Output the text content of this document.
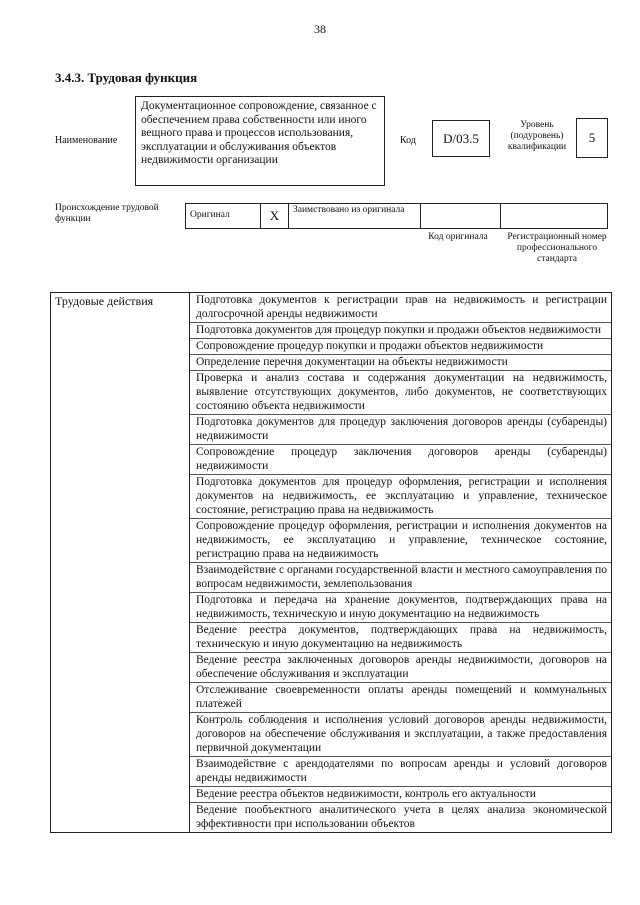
38
3.4.3. Трудовая функция
Наименование
Документационное сопровождение, связанное с обеспечением права собственности или иного вещного права и процессов использования, эксплуатации и обслуживания объектов недвижимости организации
Код	D/03.5
Уровень (подуровень) квалификации
5
Происхождение трудовой функции	Оригинал	X	Заимствовано из оригинала
Код оригинала	Регистрационный номер профессионального стандарта
Трудовые действия	Подготовка документов к регистрации прав на недвижимость и регистрации долгосрочной аренды недвижимости
Подготовка документов для процедур покупки и продажи объектов недвижимости
Сопровождение процедур покупки и продажи объектов недвижимости
Определение перечня документации на объекты недвижимости
Проверка и анализ состава и содержания документации на недвижимость, выявление отсутствующих документов, либо документов, не соответствующих состоянию объекта недвижимости
Подготовка документов для процедур заключения договоров аренды (субаренды) недвижимости
Сопровождение процедур заключения договоров аренды (субаренды) недвижимости
Подготовка документов для процедур оформления, регистрации и исполнения документов на недвижимость, ее эксплуатацию и управление, техническое состояние, регистрацию права на недвижимость
Сопровождение процедур оформления, регистрации и исполнения документов на недвижимость, ее эксплуатацию и управление, техническое состояние, регистрацию права на недвижимость
Взаимодействие с органами государственной власти и местного самоуправления по вопросам недвижимости, землепользования
Подготовка и передача на хранение документов, подтверждающих права на недвижимость, техническую и иную документацию на недвижимость
Ведение реестра документов, подтверждающих права на недвижимость, техническую и иную документацию на недвижимость
Ведение реестра заключенных договоров аренды недвижимости, договоров на обеспечение обслуживания и эксплуатации
Отслеживание своевременности оплаты аренды помещений и коммунальных платежей
Контроль соблюдения и исполнения условий договоров аренды недвижимости, договоров на обеспечение обслуживания и эксплуатации, а также предоставления первичной документации
Взаимодействие с арендодателями по вопросам аренды и условий договоров аренды недвижимости
Ведение реестра объектов недвижимости, контроль его актуальности
Ведение пообъектного аналитического учета в целях анализа экономической эффективности при использовании объектов
